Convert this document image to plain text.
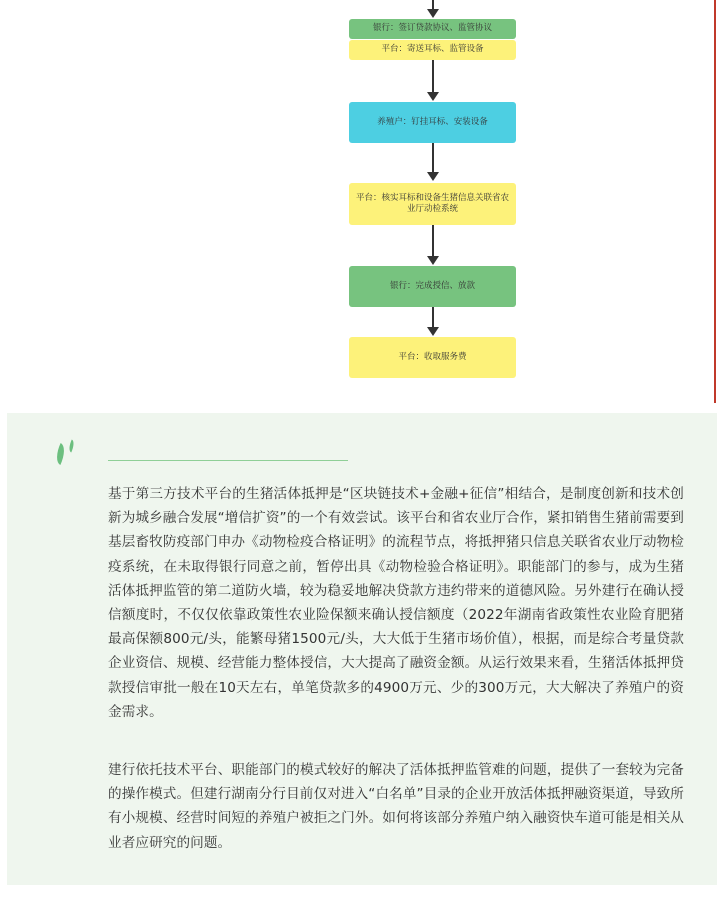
银行：签订贷款协议、监管协议
平台：寄送耳标、监管设备
养殖户：钉挂耳标、安装设备
平台：核实耳标和设备生猪信息关联省农业厅动检系统
银行：完成授信、放款
平台：收取服务费

基于第三方技术平台的生猪活体抵押是“区块链技术+金融+征信”相结合，是制度创新和技术创新为城乡融合发展“增信扩资”的一个有效尝试。该平台和省农业厅合作，紧扣销售生猪前需要到基层畜牧防疫部门申办《动物检疫合格证明》的流程节点，将抵押猪只信息关联省农业厅动物检疫系统，在未取得银行同意之前，暂停出具《动物检验合格证明》。职能部门的参与，成为生猪活体抵押监管的第二道防火墙，较为稳妥地解决贷款方违约带来的道德风险。另外建行在确认授信额度时，不仅仅依靠政策性农业险保额来确认授信额度（2022年湖南省政策性农业险育肥猪最高保额800元/头，能繁母猪1500元/头，大大低于生猪市场价值），根据，而是综合考量贷款企业资信、规模、经营能力整体授信，大大提高了融资金额。从运行效果来看，生猪活体抵押贷款授信审批一般在10天左右，单笔贷款多的4900万元、少的300万元，大大解决了养殖户的资金需求。

建行依托技术平台、职能部门的模式较好的解决了活体抵押监管难的问题，提供了一套较为完备的操作模式。但建行湖南分行目前仅对进入“白名单”目录的企业开放活体抵押融资渠道，导致所有小规模、经营时间短的养殖户被拒之门外。如何将该部分养殖户纳入融资快车道可能是相关从业者应研究的问题。
